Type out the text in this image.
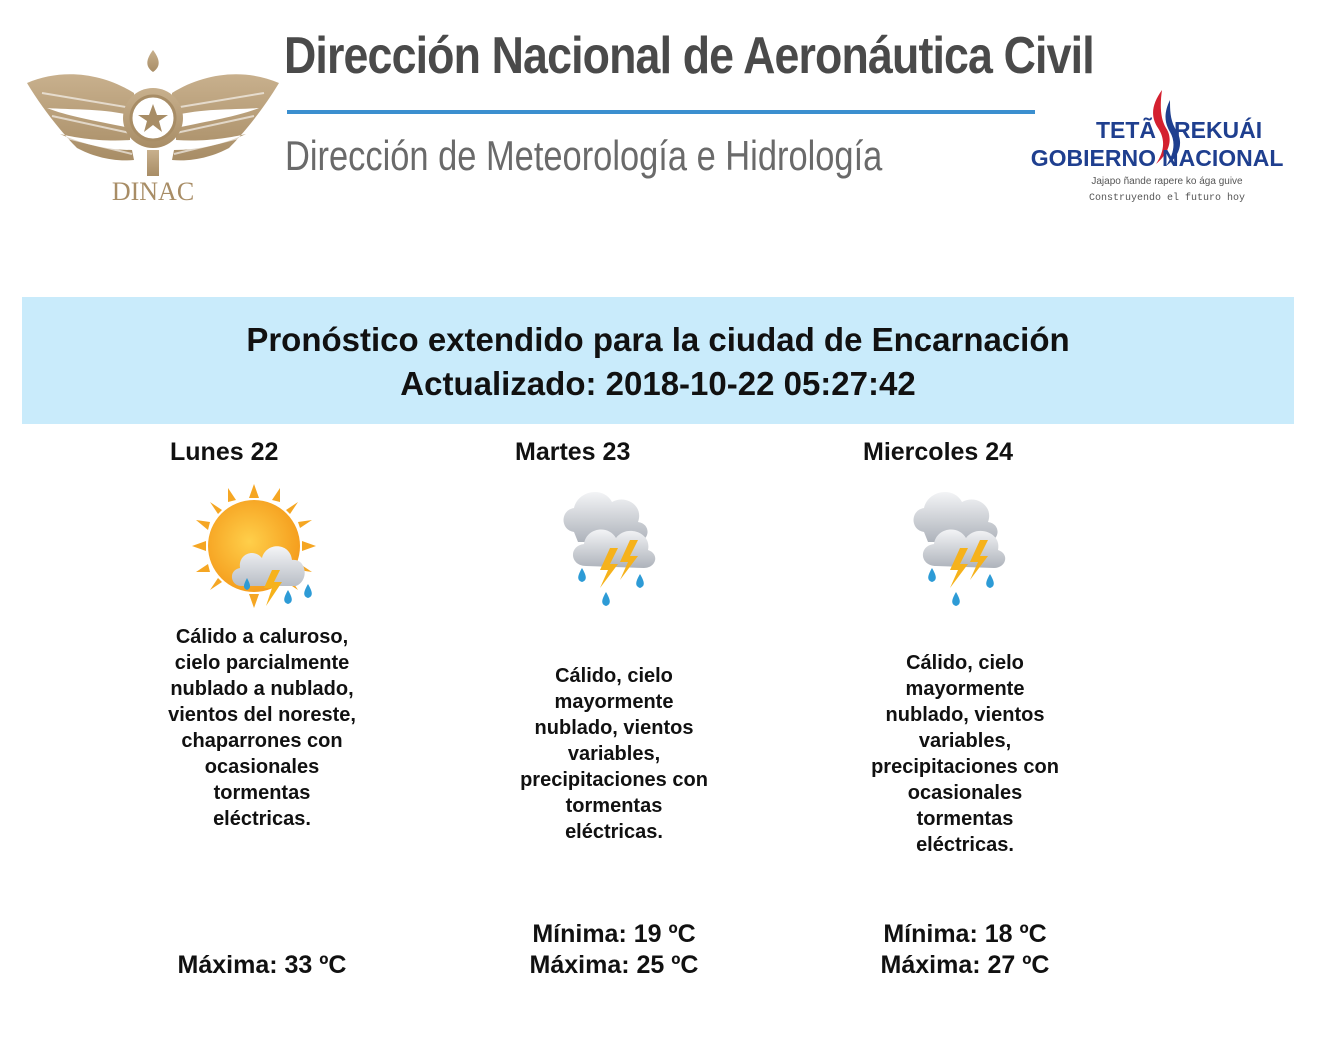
DINAC
Dirección Nacional de Aeronáutica Civil
Dirección de Meteorología e Hidrología
TETÃ REKUÁI
GOBIERNO NACIONAL
Jajapo ñande rapere ko ága guive
Construyendo el futuro hoy
Pronóstico extendido para la ciudad de Encarnación
Actualizado: 2018-10-22 05:27:42
Lunes 22
Cálido a caluroso, cielo parcialmente nublado a nublado, vientos del noreste, chaparrones con ocasionales tormentas eléctricas.
Máxima: 33 ºC
Martes 23
Cálido, cielo mayormente nublado, vientos variables, precipitaciones con tormentas eléctricas.
Mínima: 19 ºC
Máxima: 25 ºC
Miercoles 24
Cálido, cielo mayormente nublado, vientos variables, precipitaciones con ocasionales tormentas eléctricas.
Mínima: 18 ºC
Máxima: 27 ºC
